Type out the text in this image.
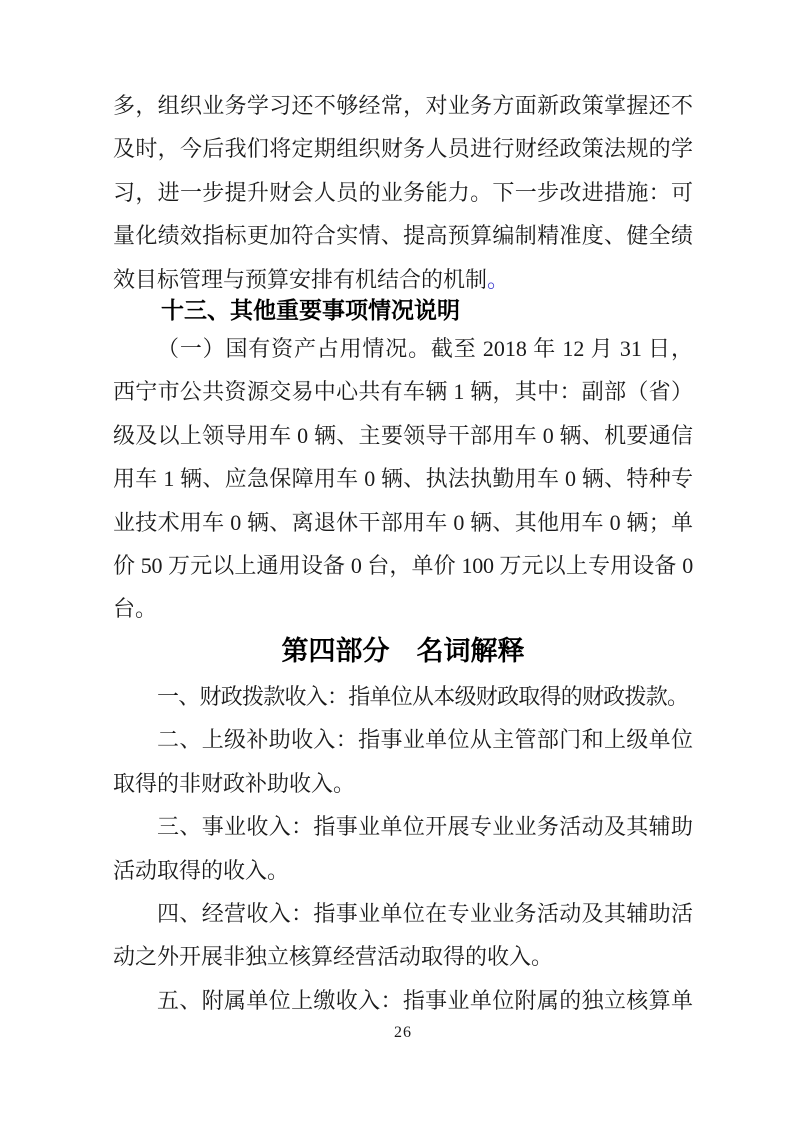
多，组织业务学习还不够经常，对业务方面新政策掌握还不
及时，今后我们将定期组织财务人员进行财经政策法规的学
习，进一步提升财会人员的业务能力。下一步改进措施：可
量化绩效指标更加符合实情、提高预算编制精准度、健全绩
效目标管理与预算安排有机结合的机制。
十三、其他重要事项情况说明
（一）国有资产占用情况。截至 2018 年 12 月 31 日，
西宁市公共资源交易中心共有车辆 1 辆，其中：副部（省）
级及以上领导用车 0 辆、主要领导干部用车 0 辆、机要通信
用车 1 辆、应急保障用车 0 辆、执法执勤用车 0 辆、特种专
业技术用车 0 辆、离退休干部用车 0 辆、其他用车 0 辆；单
价 50 万元以上通用设备 0 台，单价 100 万元以上专用设备 0
台。
第四部分 名词解释
一、财政拨款收入：指单位从本级财政取得的财政拨款。
二、上级补助收入：指事业单位从主管部门和上级单位
取得的非财政补助收入。
三、事业收入：指事业单位开展专业业务活动及其辅助
活动取得的收入。
四、经营收入：指事业单位在专业业务活动及其辅助活
动之外开展非独立核算经营活动取得的收入。
五、附属单位上缴收入：指事业单位附属的独立核算单
26
